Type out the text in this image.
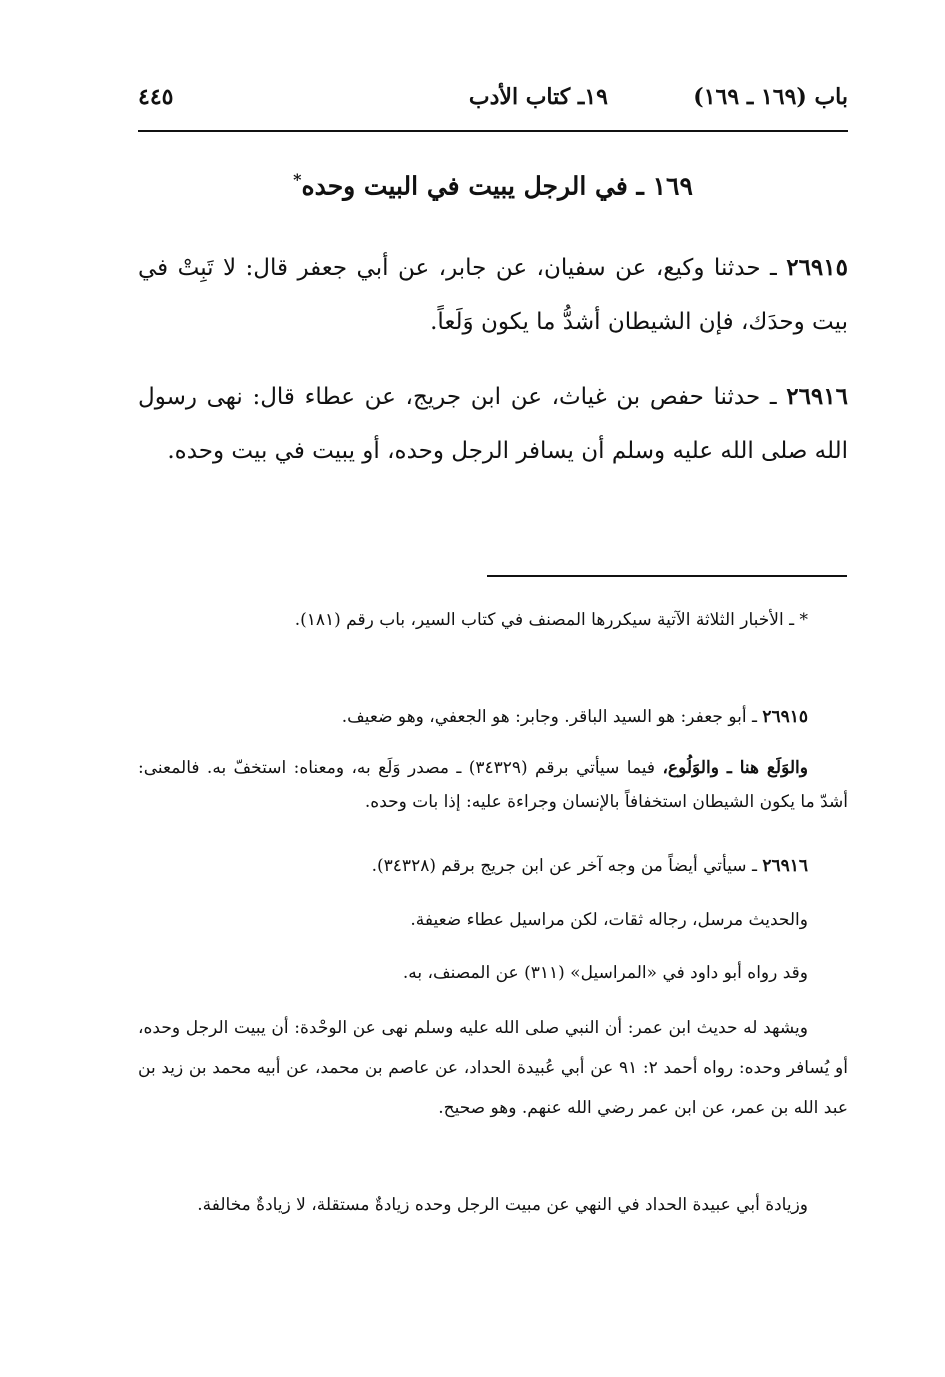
باب (١٦٩ ـ ١٦٩)
١٩ـ كتاب الأدب
٤٤٥
١٦٩ ـ في الرجل يبيت في البيت وحده*
٢٦٩١٥ ـ حدثنا وكيع، عن سفيان، عن جابر، عن أبي جعفر قال: لا تَبِتْ في بيت وحدَك، فإن الشيطان أشدُّ ما يكون وَلَعاً.
٢٦٩١٦ ـ حدثنا حفص بن غياث، عن ابن جريج، عن عطاء قال: نهى رسول الله صلى الله عليه وسلم أن يسافر الرجل وحده، أو يبيت في بيت وحده.
* ـ الأخبار الثلاثة الآتية سيكررها المصنف في كتاب السير، باب رقم (١٨١).
٢٦٩١٥ ـ أبو جعفر: هو السيد الباقر. وجابر: هو الجعفي، وهو ضعيف.
والوَلَع هنا ـ والوَلُوع، فيما سيأتي برقم (٣٤٣٢٩) ـ مصدر وَلَع به، ومعناه: استخفّ به. فالمعنى: أشدّ ما يكون الشيطان استخفافاً بالإنسان وجراءة عليه: إذا بات وحده.
٢٦٩١٦ ـ سيأتي أيضاً من وجه آخر عن ابن جريج برقم (٣٤٣٢٨).
والحديث مرسل، رجاله ثقات، لكن مراسيل عطاء ضعيفة.
وقد رواه أبو داود في «المراسيل» (٣١١) عن المصنف، به.
ويشهد له حديث ابن عمر: أن النبي صلى الله عليه وسلم نهى عن الوحْدة: أن يبيت الرجل وحده، أو يُسافر وحده: رواه أحمد ٢: ٩١ عن أبي عُبيدة الحداد، عن عاصم بن محمد، عن أبيه محمد بن زيد بن عبد الله بن عمر، عن ابن عمر رضي الله عنهم. وهو صحيح.
وزيادة أبي عبيدة الحداد في النهي عن مبيت الرجل وحده زيادةٌ مستقلة، لا زيادةٌ مخالفة.
